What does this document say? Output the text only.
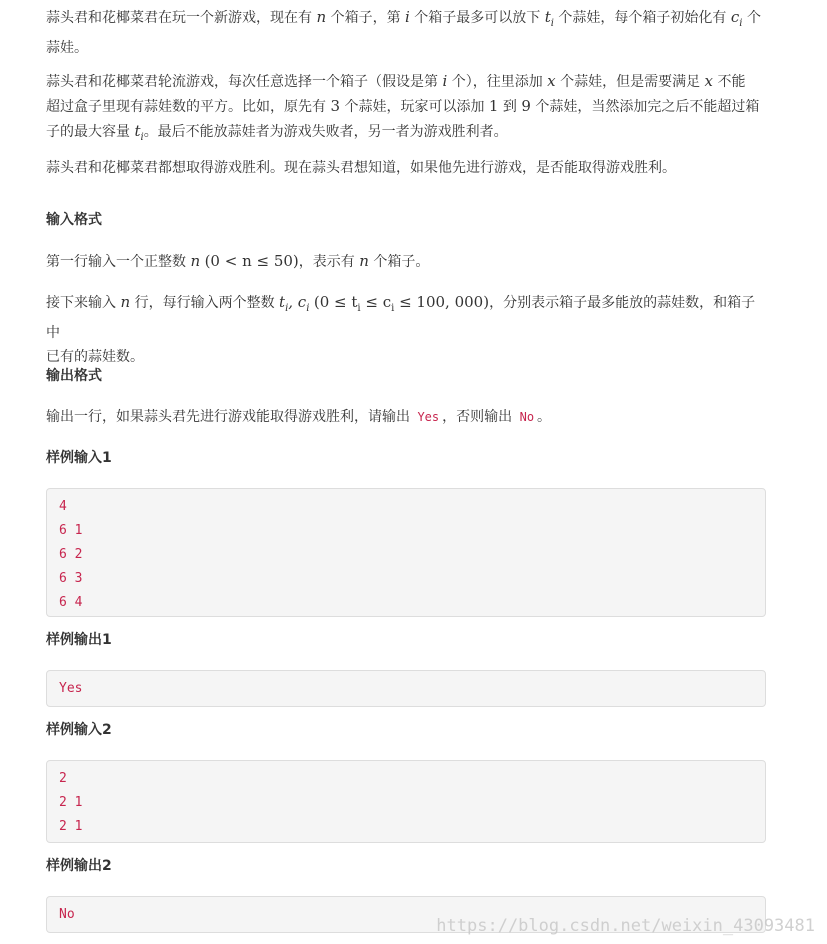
蒜头君和花椰菜君在玩一个新游戏，现在有 n 个箱子，第 i 个箱子最多可以放下 $t_i$ 个蒜娃，每个箱子初始化有 $c_i$ 个

蒜娃。

蒜头君和花椰菜君轮流游戏，每次任意选择一个箱子（假设是第 i 个），往里添加 x 个蒜娃，但是需要满足 x 不能

超过盒子里现有蒜娃数的平方。比如，原先有 3 个蒜娃，玩家可以添加 1 到 9 个蒜娃，当然添加完之后不能超过箱

子的最大容量 $t_i$。最后不能放蒜娃者为游戏失败者，另一者为游戏胜利者。

蒜头君和花椰菜君都想取得游戏胜利。现在蒜头君想知道，如果他先进行游戏，是否能取得游戏胜利。

输入格式

第一行输入一个正整数 n (0 < n ≤ 50)，表示有 n 个箱子。

接下来输入 n 行，每行输入两个整数 $t_i$, $c_i$ ($0 \le t_i \le c_i \le 100$, 000)，分别表示箱子最多能放的蒜娃数，和箱子中

已有的蒜娃数。

输出格式

输出一行，如果蒜头君先进行游戏能取得游戏胜利，请输出 Yes ，否则输出 No 。

样例输入1
4
6 1
6 2
6 3
6 4
样例输出1
Yes
样例输入2
2
2 1
2 1
样例输出2
No
https://blog.csdn.net/weixin_43093481
